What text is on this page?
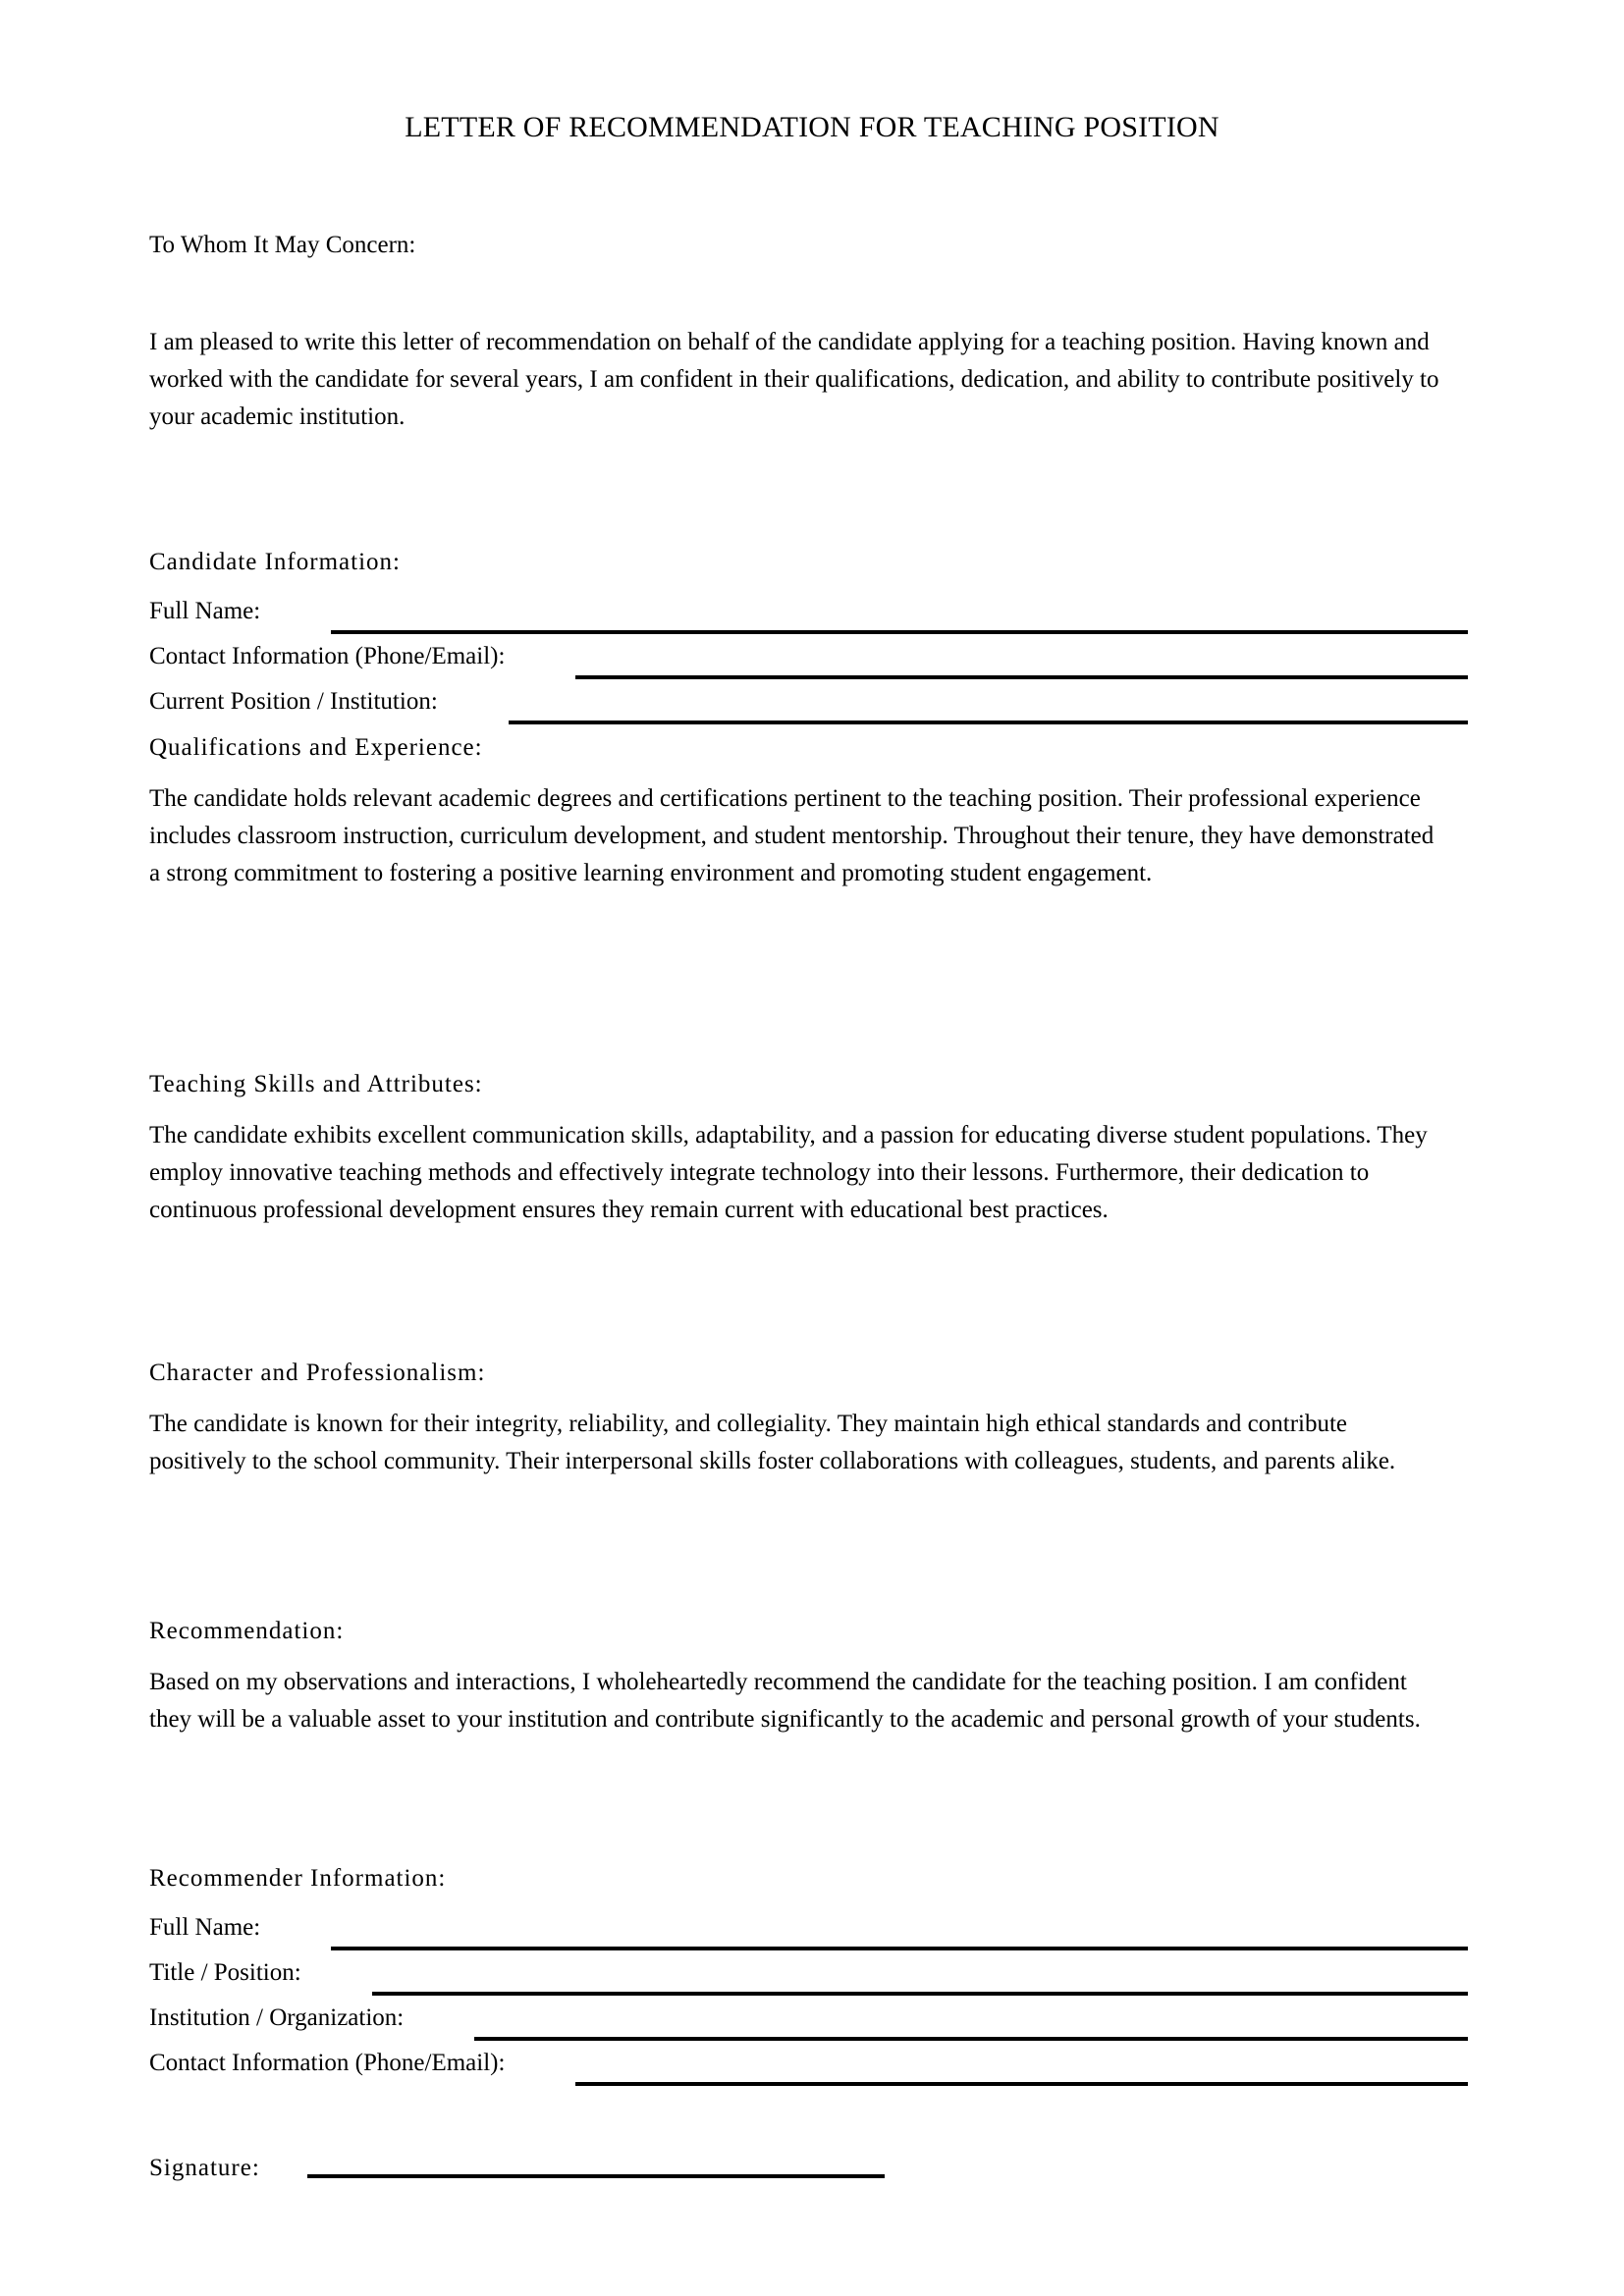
LETTER OF RECOMMENDATION FOR TEACHING POSITION
To Whom It May Concern:
I am pleased to write this letter of recommendation on behalf of the candidate applying for a teaching position. Having known and worked with the candidate for several years, I am confident in their qualifications, dedication, and ability to contribute positively to your academic institution.
Candidate Information:
Full Name:
Contact Information (Phone/Email):
Current Position / Institution:
Qualifications and Experience:

The candidate holds relevant academic degrees and certifications pertinent to the teaching position. Their professional experience includes classroom instruction, curriculum development, and student mentorship. Throughout their tenure, they have demonstrated a strong commitment to fostering a positive learning environment and promoting student engagement.

Teaching Skills and Attributes:

The candidate exhibits excellent communication skills, adaptability, and a passion for educating diverse student populations. They employ innovative teaching methods and effectively integrate technology into their lessons. Furthermore, their dedication to continuous professional development ensures they remain current with educational best practices.

Character and Professionalism:

The candidate is known for their integrity, reliability, and collegiality. They maintain high ethical standards and contribute positively to the school community. Their interpersonal skills foster collaborations with colleagues, students, and parents alike.

Recommendation:

Based on my observations and interactions, I wholeheartedly recommend the candidate for the teaching position. I am confident they will be a valuable asset to your institution and contribute significantly to the academic and personal growth of your students.

Recommender Information:
Full Name:
Title / Position:
Institution / Organization:
Contact Information (Phone/Email):
Signature:
